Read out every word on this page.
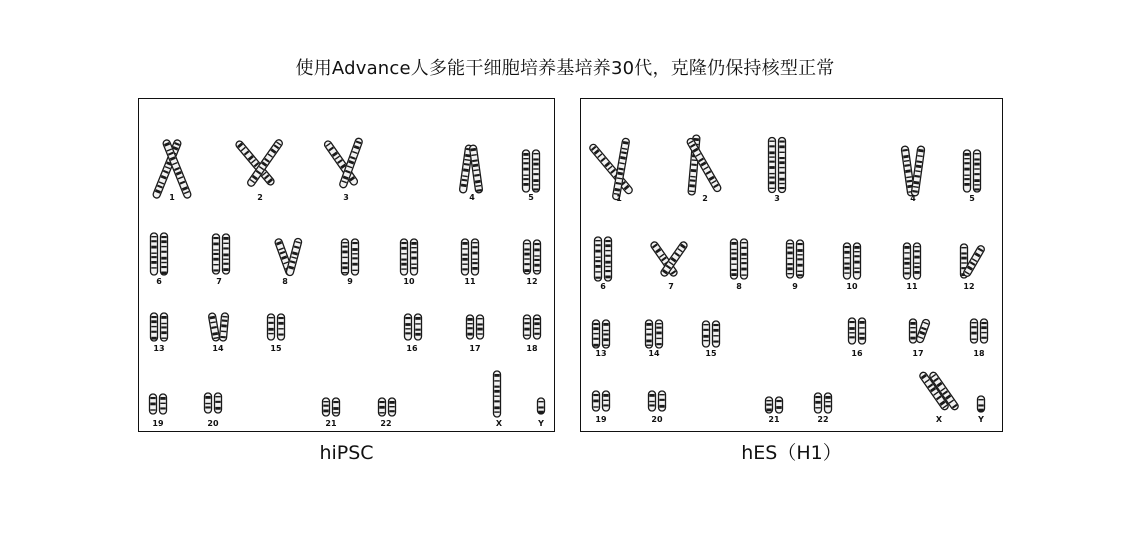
使用Advance人多能干细胞培养基培养30代，克隆仍保持核型正常
1	2	3	4	5
6	7	8	9	10	11	12
13	14	15	16	17	18
19	20	21	22	X	Y
hiPSC
1	2	3	4	5
6	7	8	9	10	11	12
13	14	15	16	17	18
19	20	21	22	X	Y
hES（H1）
